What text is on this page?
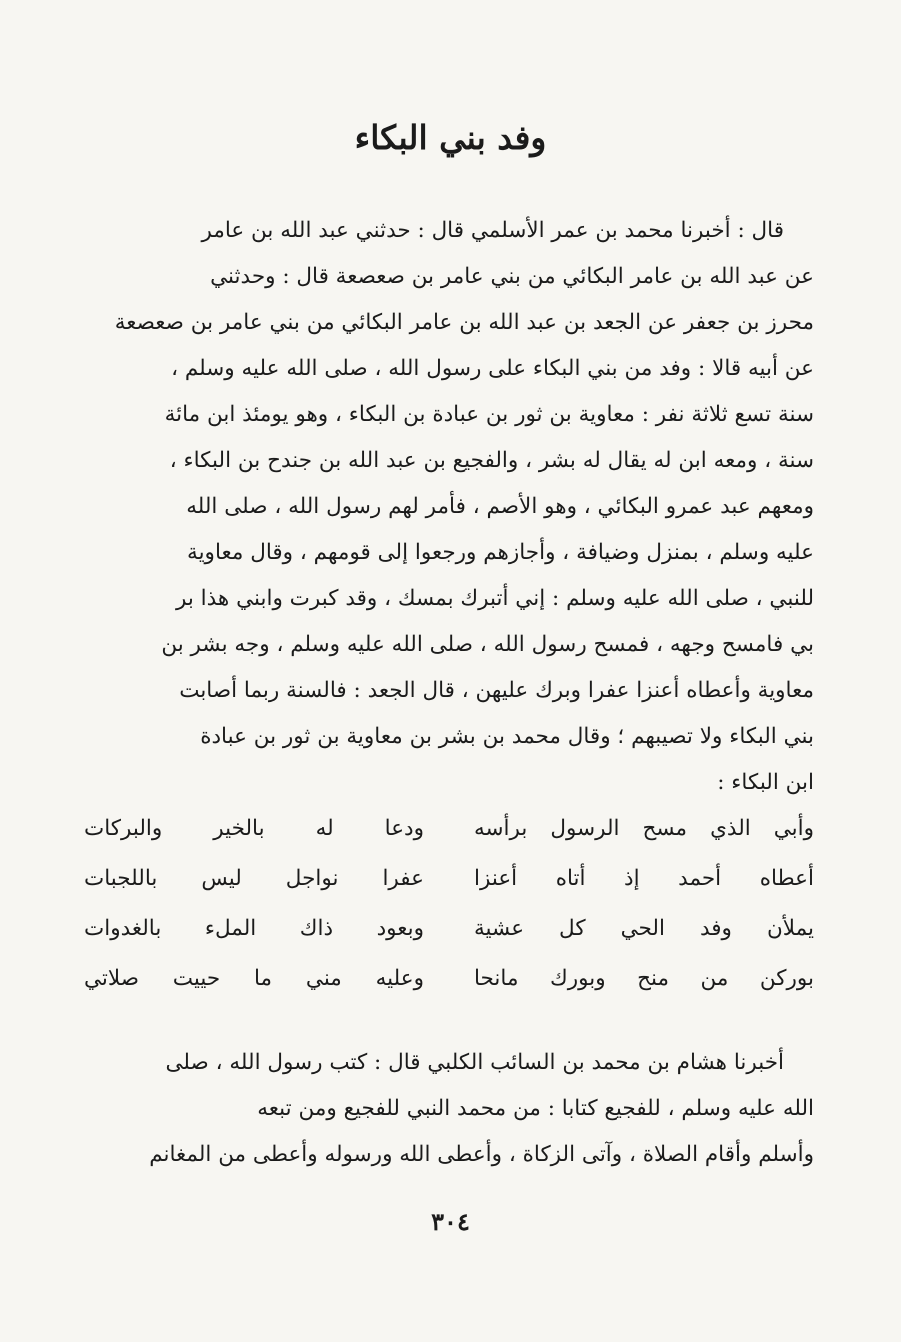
وفد بني البكاء
قال : أخبرنا محمد بن عمر الأسلمي قال : حدثني عبد الله بن عامر
عن عبد الله بن عامر البكائي من بني عامر بن صعصعة قال : وحدثني
محرز بن جعفر عن الجعد بن عبد الله بن عامر البكائي من بني عامر بن صعصعة
عن أبيه قالا : وفد من بني البكاء على رسول الله ، صلى الله عليه وسلم ،
سنة تسع ثلاثة نفر : معاوية بن ثور بن عبادة بن البكاء ، وهو يومئذ ابن مائة
سنة ، ومعه ابن له يقال له بشر ، والفجيع بن عبد الله بن جندح بن البكاء ،
ومعهم عبد عمرو البكائي ، وهو الأصم ، فأمر لهم رسول الله ، صلى الله
عليه وسلم ، بمنزل وضيافة ، وأجازهم ورجعوا إلى قومهم ، وقال معاوية
للنبي ، صلى الله عليه وسلم : إني أتبرك بمسك ، وقد كبرت وابني هذا بر
بي فامسح وجهه ، فمسح رسول الله ، صلى الله عليه وسلم ، وجه بشر بن
معاوية وأعطاه أعنزا عفرا وبرك عليهن ، قال الجعد : فالسنة ربما أصابت
بني البكاء ولا تصيبهم ؛ وقال محمد بن بشر بن معاوية بن ثور بن عبادة
ابن البكاء :
وأبي الذي مسح الرسول برأسه
ودعا له بالخير والبركات
أعطاه أحمد إذ أتاه أعنزا
عفرا نواجل ليس باللجبات
يملأن وفد الحي كل عشية
وبعود ذاك الملء بالغدوات
بوركن من منح وبورك مانحا
وعليه مني ما حييت صلاتي
أخبرنا هشام بن محمد بن السائب الكلبي قال : كتب رسول الله ، صلى
الله عليه وسلم ، للفجيع كتابا : من محمد النبي للفجيع ومن تبعه
وأسلم وأقام الصلاة ، وآتى الزكاة ، وأعطى الله ورسوله وأعطى من المغانم
٣٠٤
